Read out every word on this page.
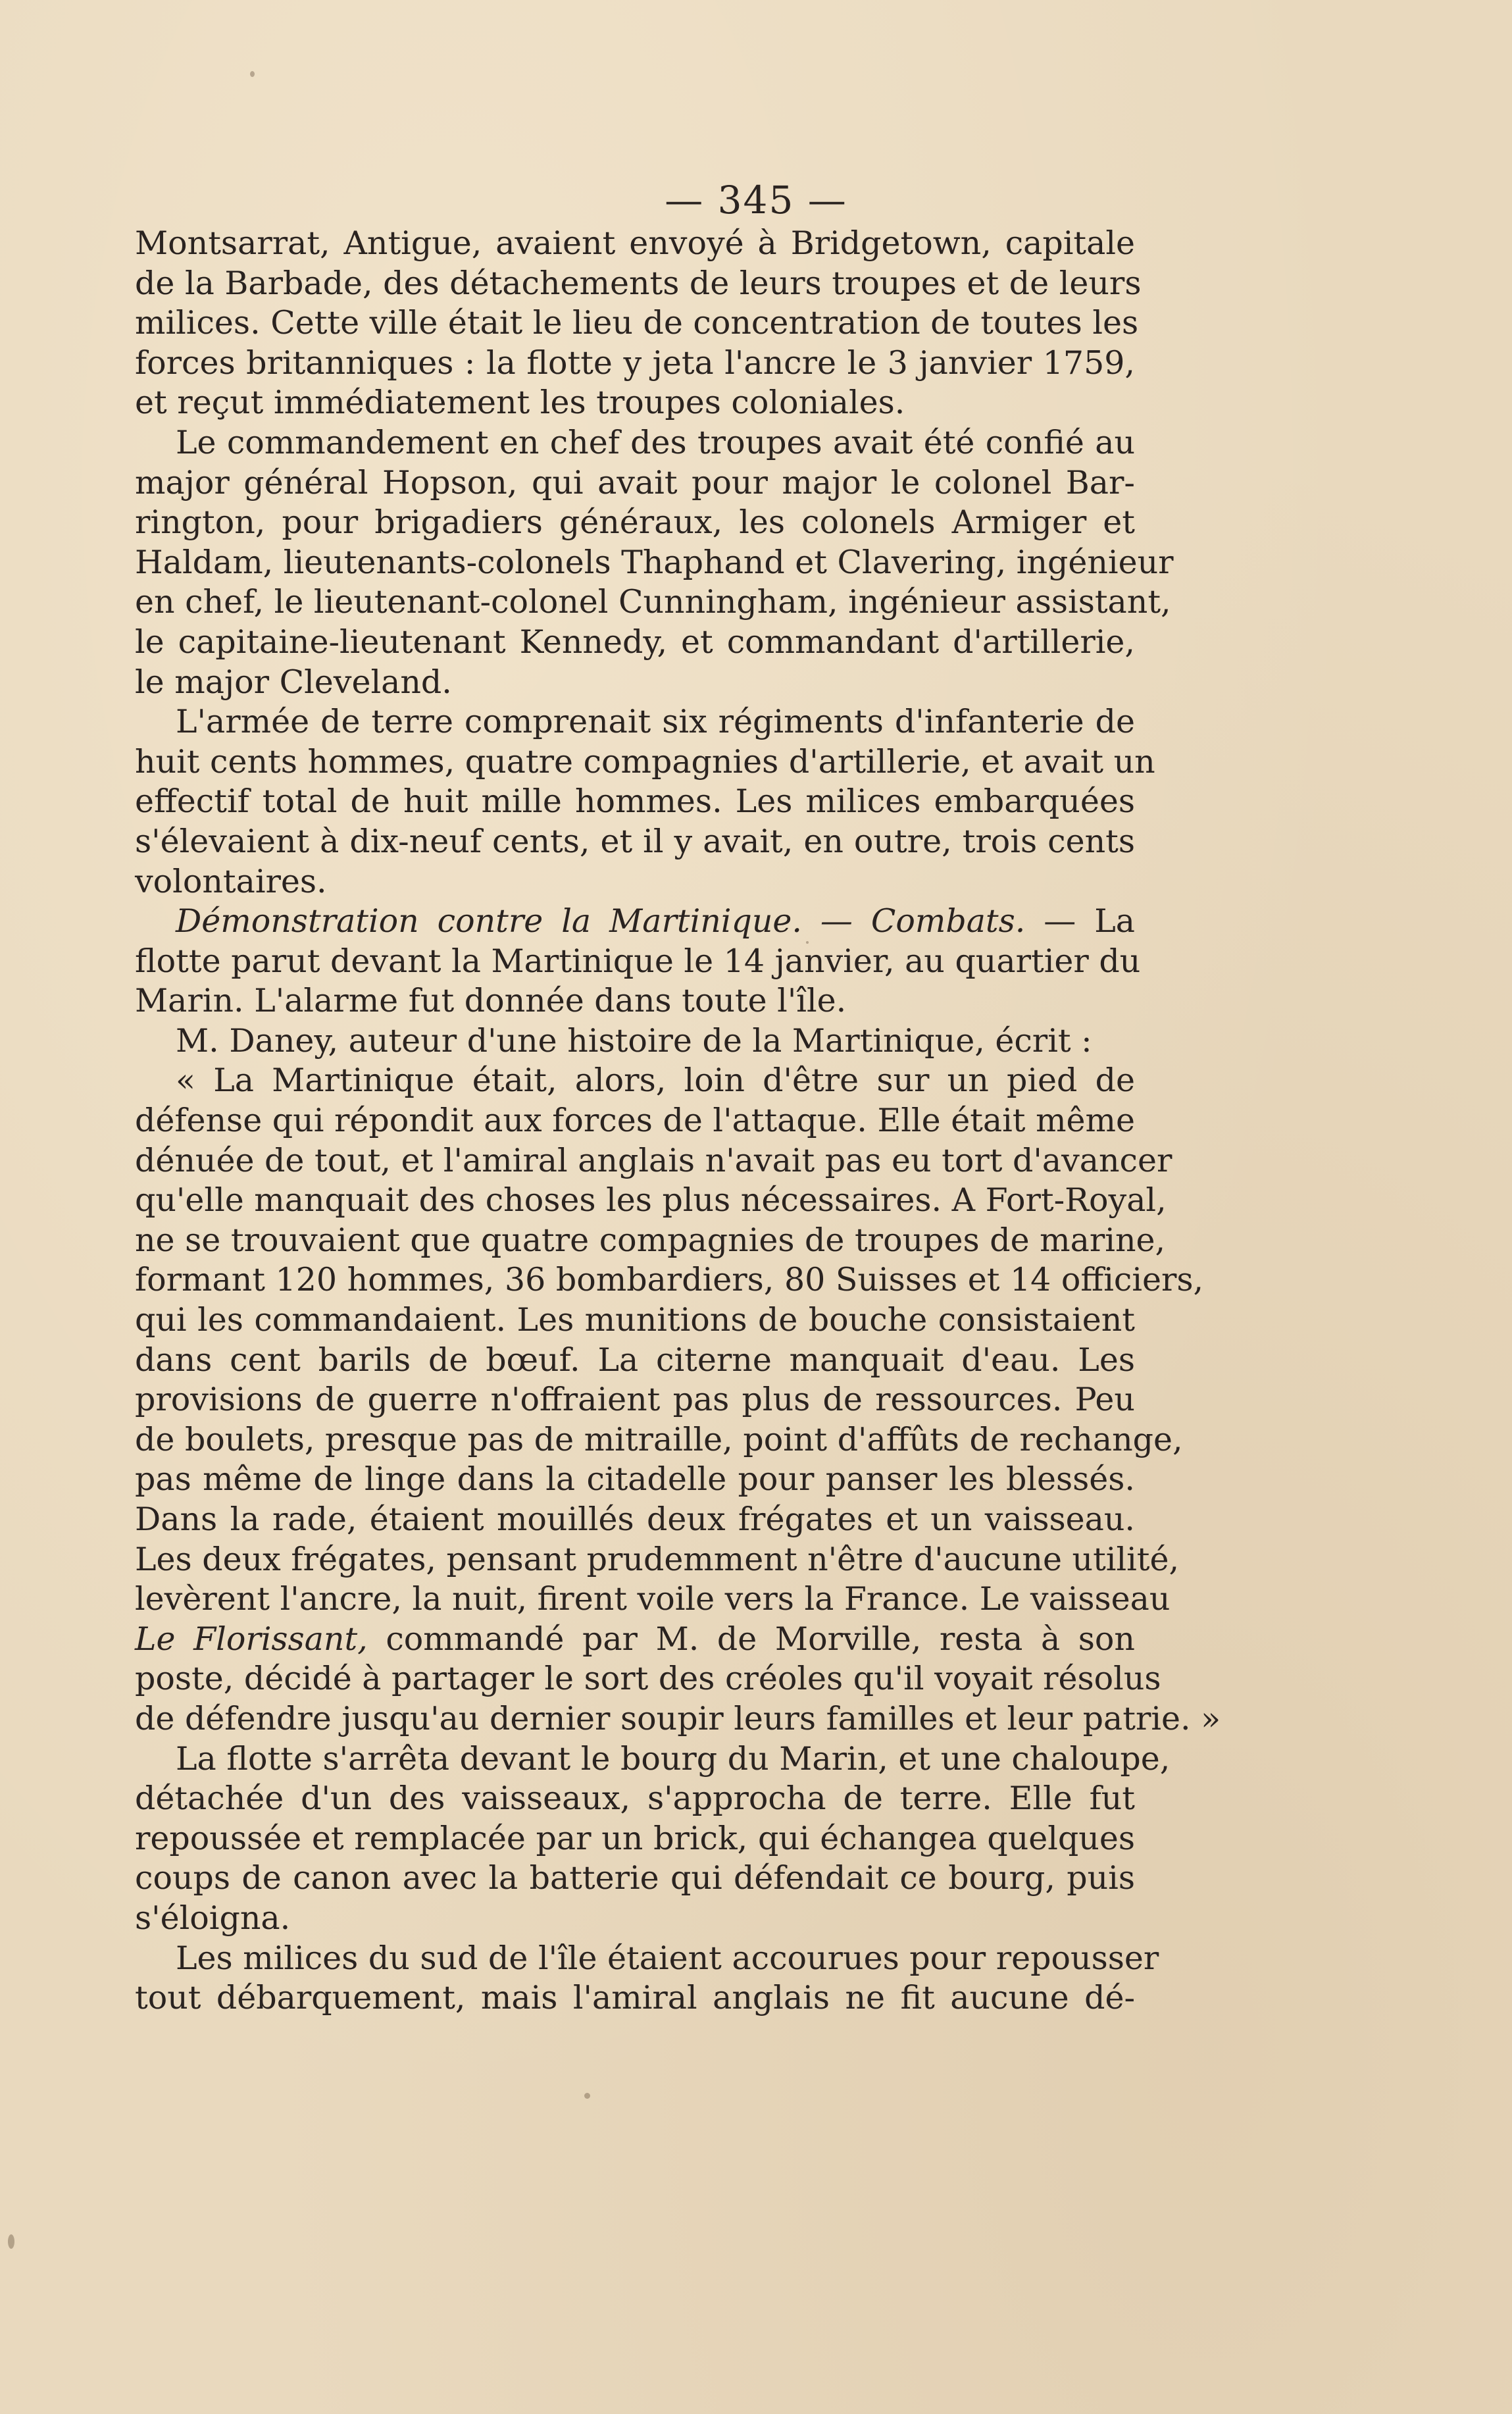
— 345 —
Montsarrat, Antigue, avaient envoyé à Bridgetown, capitale
de la Barbade, des détachements de leurs troupes et de leurs
milices. Cette ville était le lieu de concentration de toutes les
forces britanniques : la flotte y jeta l'ancre le 3 janvier 1759,
et reçut immédiatement les troupes coloniales.
Le commandement en chef des troupes avait été confié au
major général Hopson, qui avait pour major le colonel Bar-
rington, pour brigadiers généraux, les colonels Armiger et
Haldam, lieutenants-colonels Thaphand et Clavering, ingénieur
en chef, le lieutenant-colonel Cunningham, ingénieur assistant,
le capitaine-lieutenant Kennedy, et commandant d'artillerie,
le major Cleveland.
L'armée de terre comprenait six régiments d'infanterie de
huit cents hommes, quatre compagnies d'artillerie, et avait un
effectif total de huit mille hommes. Les milices embarquées
s'élevaient à dix-neuf cents, et il y avait, en outre, trois cents
volontaires.
Démonstration contre la Martinique. — Combats. — La
flotte parut devant la Martinique le 14 janvier, au quartier du
Marin. L'alarme fut donnée dans toute l'île.
M. Daney, auteur d'une histoire de la Martinique, écrit :
« La Martinique était, alors, loin d'être sur un pied de
défense qui répondit aux forces de l'attaque. Elle était même
dénuée de tout, et l'amiral anglais n'avait pas eu tort d'avancer
qu'elle manquait des choses les plus nécessaires. A Fort-Royal,
ne se trouvaient que quatre compagnies de troupes de marine,
formant 120 hommes, 36 bombardiers, 80 Suisses et 14 officiers,
qui les commandaient. Les munitions de bouche consistaient
dans cent barils de bœuf. La citerne manquait d'eau. Les
provisions de guerre n'offraient pas plus de ressources. Peu
de boulets, presque pas de mitraille, point d'affûts de rechange,
pas même de linge dans la citadelle pour panser les blessés.
Dans la rade, étaient mouillés deux frégates et un vaisseau.
Les deux frégates, pensant prudemment n'être d'aucune utilité,
levèrent l'ancre, la nuit, firent voile vers la France. Le vaisseau
Le Florissant, commandé par M. de Morville, resta à son
poste, décidé à partager le sort des créoles qu'il voyait résolus
de défendre jusqu'au dernier soupir leurs familles et leur patrie. »
La flotte s'arrêta devant le bourg du Marin, et une chaloupe,
détachée d'un des vaisseaux, s'approcha de terre. Elle fut
repoussée et remplacée par un brick, qui échangea quelques
coups de canon avec la batterie qui défendait ce bourg, puis
s'éloigna.
Les milices du sud de l'île étaient accourues pour repousser
tout débarquement, mais l'amiral anglais ne fit aucune dé-
